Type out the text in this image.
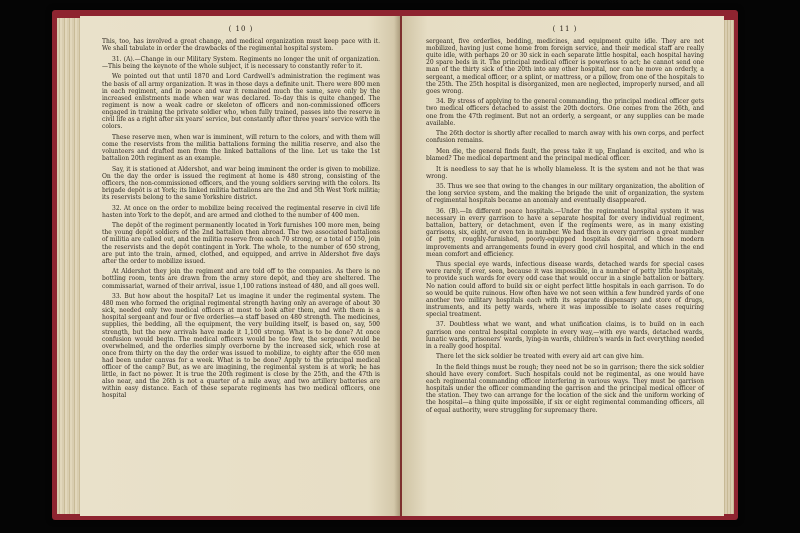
( 10 )

This, too, has involved a great change, and medical organization must keep pace with it. We shall tabulate in order the drawbacks of the regimental hospital system.

31. (A).—Change in our Military System. Regiments no longer the unit of organization.—This being the keynote of the whole subject, it is necessary to constantly refer to it.

We pointed out that until 1870 and Lord Cardwell's administration the regiment was the basis of all army organization. It was in those days a definite unit. There were 800 men in each regiment, and in peace and war it remained much the same, save only by the increased enlistments made when war was declared. To-day this is quite changed. The regiment is now a weak cadre or skeleton of officers and non-commissioned officers engaged in training the private soldier who, when fully trained, passes into the reserve in civil life as a right after six years' service, but constantly after three years' service with the colors.

These reserve men, when war is imminent, will return to the colors, and with them will come the reservists from the militia battalions forming the militia reserve, and also the volunteers and drafted men from the linked battalions of the line. Let us take the 1st battalion 20th regiment as an example.

Say, it is stationed at Aldershot, and war being imminent the order is given to mobilize. On the day the order is issued the regiment at home is 480 strong, consisting of the officers, the non-commissioned officers, and the young soldiers serving with the colors. Its brigade depôt is at York; its linked militia battalions are the 2nd and 5th West York militia; its reservists belong to the same Yorkshire district.

32. At once on the order to mobilize being received the regimental reserve in civil life hasten into York to the depôt, and are armed and clothed to the number of 400 men.

The depôt of the regiment permanently located in York furnishes 100 more men, being the young depôt soldiers of the 2nd battalion then abroad. The two associated battalions of militia are called out, and the militia reserve from each 70 strong, or a total of 150, join the reservists and the depôt contingent in York. The whole, to the number of 650 strong, are put into the train, armed, clothed, and equipped, and arrive in Aldershot five days after the order to mobilize issued.

At Aldershot they join the regiment and are told off to the companies. As there is no bottling room, tents are drawn from the army store depôt, and they are sheltered. The commissariat, warned of their arrival, issue 1,100 rations instead of 480, and all goes well.

33. But how about the hospital? Let us imagine it under the regimental system. The 480 men who formed the original regimental strength having only an average of about 30 sick, needed only two medical officers at most to look after them, and with them is a hospital sergeant and four or five orderlies—a staff based on 480 strength. The medicines, supplies, the bedding, all the equipment, the very building itself, is based on, say, 500 strength, but the new arrivals have made it 1,100 strong. What is to be done? At once confusion would begin. The medical officers would be too few, the sergeant would be overwhelmed, and the orderlies simply overborne by the increased sick, which rose at once from thirty on the day the order was issued to mobilize, to eighty after the 650 men had been under canvas for a week. What is to be done? Apply to the principal medical officer of the camp? But, as we are imagining, the regimental system is at work; he has little, in fact no power. It is true the 20th regiment is close by the 25th, and the 47th is also near, and the 26th is not a quarter of a mile away, and two artillery batteries are within easy distance. Each of these separate regiments has two medical officers, one hospital

( 11 )

sergeant, five orderlies, bedding, medicines, and equipment quite idle. They are not mobilized, having just come home from foreign service, and their medical staff are really quite idle, with perhaps 20 or 30 sick in each separate little hospital, each hospital having 20 spare beds in it. The principal medical officer is powerless to act; he cannot send one man of the thirty sick of the 20th into any other hospital, nor can he move an orderly, a sergeant, a medical officer, or a splint, or mattress, or a pillow, from one of the hospitals to the 25th. The 25th hospital is disorganized, men are neglected, improperly nursed, and all goes wrong.

34. By stress of applying to the general commanding, the principal medical officer gets two medical officers detached to assist the 20th doctors. One comes from the 26th, and one from the 47th regiment. But not an orderly, a sergeant, or any supplies can be made available.

The 26th doctor is shortly after recalled to march away with his own corps, and perfect confusion remains.

Men die, the general finds fault, the press take it up, England is excited, and who is blamed? The medical department and the principal medical officer.

It is needless to say that he is wholly blameless. It is the system and not he that was wrong.

35. Thus we see that owing to the changes in our military organization, the abolition of the long service system, and the making the brigade the unit of organization, the system of regimental hospitals became an anomaly and eventually disappeared.

36. (B).—In different peace hospitals.—Under the regimental hospital system it was necessary in every garrison to have a separate hospital for every individual regiment, battalion, battery, or detachment, even if the regiments were, as in many existing garrisons, six, eight, or even ten in number. We had then in every garrison a great number of petty, roughly-furnished, poorly-equipped hospitals devoid of those modern improvements and arrangements found in every good civil hospital, and which in the end mean comfort and efficiency.

Thus special eye wards, infectious disease wards, detached wards for special cases were rarely, if ever, seen, because it was impossible, in a number of petty little hospitals, to provide such wards for every odd case that would occur in a single battalion or battery. No nation could afford to build six or eight perfect little hospitals in each garrison. To do so would be quite ruinous. How often have we not seen within a few hundred yards of one another two military hospitals each with its separate dispensary and store of drugs, instruments, and its petty wards, where it was impossible to isolate cases requiring special treatment.

37. Doubtless what we want, and what unification claims, is to build on in each garrison one central hospital complete in every way,—with eye wards, detached wards, lunatic wards, prisoners' wards, lying-in wards, children's wards in fact everything needed in a really good hospital.

There let the sick soldier be treated with every aid art can give him.

In the field things must be rough; they need not be so in garrison; there the sick soldier should have every comfort. Such hospitals could not be regimental, as one would have each regimental commanding officer interfering in various ways. They must be garrison hospitals under the officer commanding the garrison and the principal medical officer of the station. They two can arrange for the location of the sick and the uniform working of the hospital—a thing quite impossible, if six or eight regimental commanding officers, all of equal authority, were struggling for supremacy there.
